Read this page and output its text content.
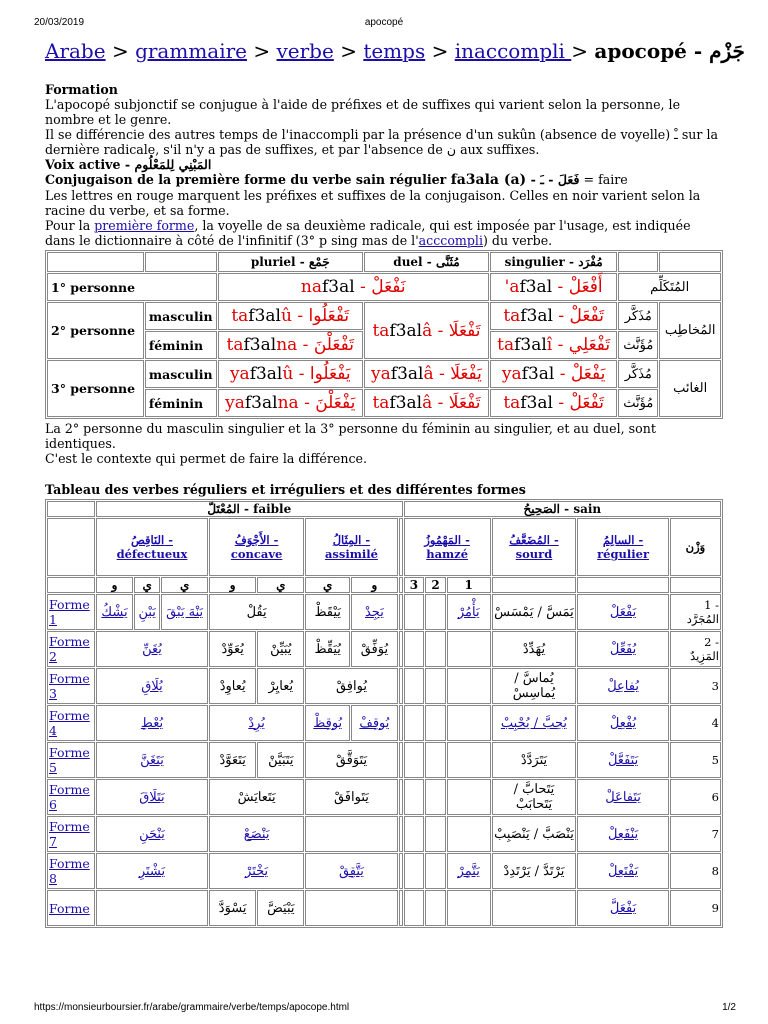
20/03/2019	apocopé
Arabe > grammaire > verbe > temps > inaccompli > apocopé - جَزْم

Formation

L'apocopé subjonctif se conjugue à l'aide de préfixes et de suffixes qui varient selon la personne, le nombre et le genre.

Il se différencie des autres temps de l'inaccompli par la présence d'un sukûn (absence de voyelle) ـْ sur la dernière radicale, s'il n'y a pas de suffixes, et par l'absence de ن aux suffixes.

Voix active - المَبْنِي لِلمَعْلُوم

Conjugaison de la première forme du verbe sain régulier fa3ala (a) - فَعَلَ - ـَ = faire

Les lettres en rouge marquent les préfixes et suffixes de la conjugaison. Celles en noir varient selon la racine du verbe, et sa forme.

Pour la première forme, la voyelle de sa deuxième radicale, qui est imposée par l'usage, est indiquée dans le dictionnaire à côté de l'infinitif (3° p sing mas de l'acccompli) du verbe.

		pluriel - جَمْع	duel - مُثَنَّى	singulier - مُفْرَد		
1° personne		naf3al - نَفْعَلْ		'af3al - أَفْعَلْ	المُتَكَلِّم	
2° personne	masculin	taf3alû - تَفْعَلُوا	taf3alâ - تَفْعَلَا	taf3al - تَفْعَلْ	مُذَكَّر	المُخاطِب
	féminin	taf3alna - تَفْعَلْنَ		taf3alî - تَفْعَلِي	مُؤَنَّث	
3° personne	masculin	yaf3alû - يَفْعَلُوا	yaf3alâ - يَفْعَلَا	yaf3al - يَفْعَلْ	مُذَكَّر	الغائب
	féminin	yaf3alna - يَفْعَلْنَ	taf3alâ - تَفْعَلَا	taf3al - تَفْعَلْ	مُؤَنَّث	
La 2° personne du masculin singulier et la 3° personne du féminin au singulier, et au duel, sont identiques.
C'est le contexte qui permet de faire la différence.
Tableau des verbes réguliers et irréguliers et des différentes formes
	المُعْتَلّ - faible								الصَحِيحُ - sain					
	النَاقِصُ - défectueux			الأَجْوَفُ - concave		المِثَالُ - assimilé			المَهْمُوزُ - hamzé			المُضَعَّفُ - sourd	السالِمُ - régulier	وَزْن
	و	ي	ي	و	ي	ي	و		3	2	1			
Forme 1	يَشْكُ	يَبْنِ	يَنْهَ يَبْقَ	يَقُلْ		يَيْقَظْ	يَجِدْ				يَأْمُرْ	يَمَسَّ / يَمْسَسْ	يَفْعَلْ	1 - المُجَرَّد
Forme 2	يُغَنِّ			يُعَوِّدْ	يُبَيِّنْ	يُيَقِّظْ	يُوَفِّقْ					يُهَدِّدْ	يُفَعِّلْ	2 - المَزِيدٌ
Forme 3	يُلَاقِ			يُعاوِدْ	يُعايِرْ	يُوافِقْ						يُماسَّ / يُماسِسْ	يُفاعِلْ	3
Forme 4	يُعْطِ			يُرِدْ		يُوقِظْ	يُوقِفْ					يُحِبَّ / يُحْبِبْ	يُفْعِلْ	4
Forme 5	يَتَغَنَّ			يَتَعَوَّدْ	يَتَبَيَّنْ	يَتَوَقَّقْ						يَتَرَدَّدْ	يَتَفَعَّلْ	5
Forme 6	يَتَلَاقَ			يَتَعايَشْ		يَتَوافَقْ						يَتَحابَّ / يَتَحابَبْ	يَتَفاعَلْ	6
Forme 7	يَنْحَنِ			يَنْصَعْ								يَنْصَبَّ / يَنْصَبِبْ	يَنْفَعِلْ	7
Forme 8	يَشْتَرِ			يَخْتَرْ		يَتَّقِقْ					يَتَّمِرْ	يَرْتَدَّ / يَرْتَدِدْ	يَفْتَعِلْ	8
Forme				يَسْوَدَّ	يَبْيَضَّ								يَفْعَلَّ	9
https://monsieurboursier.fr/arabe/grammaire/verbe/temps/apocope.html	1/2
